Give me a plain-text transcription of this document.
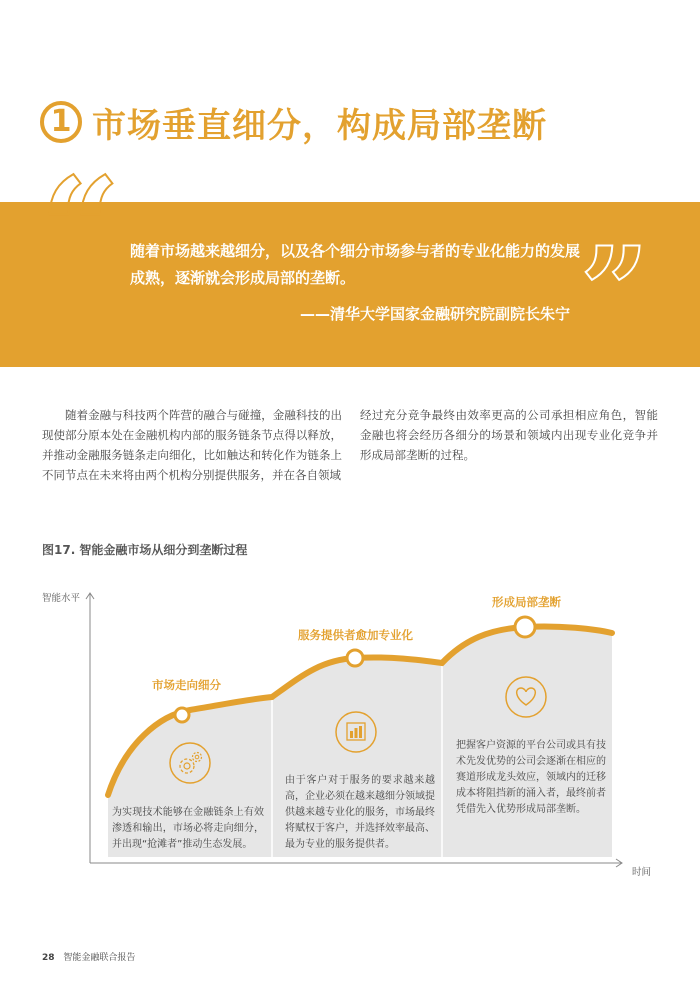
1 市场垂直细分，构成局部垄断
“	”
随着市场越来越细分，以及各个细分市场参与者的专业化能力的发展成熟，逐渐就会形成局部的垄断。
——清华大学国家金融研究院副院长朱宁
随着金融与科技两个阵营的融合与碰撞，金融科技的出现使部分原本处在金融机构内部的服务链条节点得以释放，并推动金融服务链条走向细化，比如触达和转化作为链条上不同节点在未来将由两个机构分别提供服务，并在各自领域
经过充分竞争最终由效率更高的公司承担相应角色，智能金融也将会经历各细分的场景和领域内出现专业化竞争并形成局部垄断的过程。
图17. 智能金融市场从细分到垄断过程
智能水平
时间
市场走向细分
服务提供者愈加专业化
形成局部垄断
为实现技术能够在金融链条上有效渗透和输出，市场必将走向细分，并出现“抢滩者”推动生态发展。
由于客户对于服务的要求越来越高，企业必须在越来越细分领域提供越来越专业化的服务，市场最终将赋权于客户，并选择效率最高、最为专业的服务提供者。
把握客户资源的平台公司或具有技术先发优势的公司会逐渐在相应的赛道形成龙头效应，领域内的迁移成本将阻挡新的涌入者，最终前者凭借先入优势形成局部垄断。
28 智能金融联合报告
